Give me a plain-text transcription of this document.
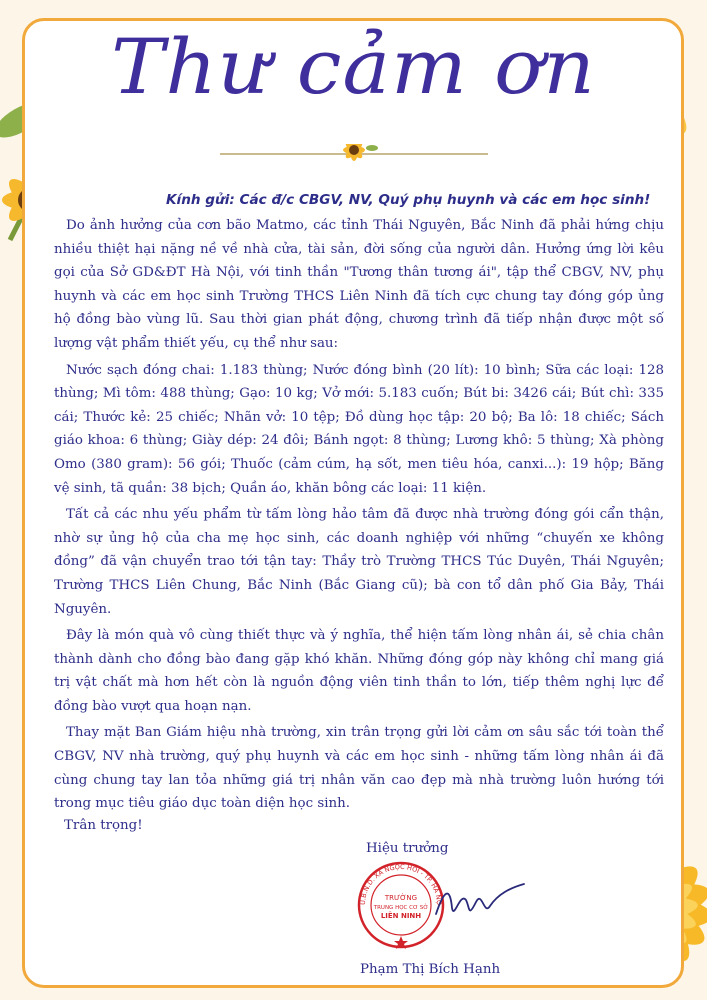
Thư cảm ơn
Kính gửi: Các đ/c CBGV, NV, Quý phụ huynh và các em học sinh!

Do ảnh hưởng của cơn bão Matmo, các tỉnh Thái Nguyên, Bắc Ninh đã phải hứng chịu nhiều thiệt hại nặng nề về nhà cửa, tài sản, đời sống của người dân. Hưởng ứng lời kêu gọi của Sở GD&ĐT Hà Nội, với tinh thần "Tương thân tương ái", tập thể CBGV, NV, phụ huynh và các em học sinh Trường THCS Liên Ninh đã tích cực chung tay đóng góp ủng hộ đồng bào vùng lũ. Sau thời gian phát động, chương trình đã tiếp nhận được một số lượng vật phẩm thiết yếu, cụ thể như sau:

Nước sạch đóng chai: 1.183 thùng; Nước đóng bình (20 lít): 10 bình; Sữa các loại: 128 thùng; Mì tôm: 488 thùng; Gạo: 10 kg; Vở mới: 5.183 cuốn; Bút bi: 3426 cái; Bút chì: 335 cái; Thước kẻ: 25 chiếc; Nhãn vở: 10 tệp; Đồ dùng học tập: 20 bộ; Ba lô: 18 chiếc; Sách giáo khoa: 6 thùng; Giày dép: 24 đôi; Bánh ngọt: 8 thùng; Lương khô: 5 thùng; Xà phòng Omo (380 gram): 56 gói; Thuốc (cảm cúm, hạ sốt, men tiêu hóa, canxi...): 19 hộp; Băng vệ sinh, tã quần: 38 bịch; Quần áo, khăn bông các loại: 11 kiện.

Tất cả các nhu yếu phẩm từ tấm lòng hảo tâm đã được nhà trường đóng gói cẩn thận, nhờ sự ủng hộ của cha mẹ học sinh, các doanh nghiệp với những “chuyến xe không đồng” đã vận chuyển trao tới tận tay: Thầy trò Trường THCS Túc Duyên, Thái Nguyên; Trường THCS Liên Chung, Bắc Ninh (Bắc Giang cũ); bà con tổ dân phố Gia Bảy, Thái Nguyên.

Đây là món quà vô cùng thiết thực và ý nghĩa, thể hiện tấm lòng nhân ái, sẻ chia chân thành dành cho đồng bào đang gặp khó khăn. Những đóng góp này không chỉ mang giá trị vật chất mà hơn hết còn là nguồn động viên tinh thần to lớn, tiếp thêm nghị lực để đồng bào vượt qua hoạn nạn.

Thay mặt Ban Giám hiệu nhà trường, xin trân trọng gửi lời cảm ơn sâu sắc tới toàn thể CBGV, NV nhà trường, quý phụ huynh và các em học sinh - những tấm lòng nhân ái đã cùng chung tay lan tỏa những giá trị nhân văn cao đẹp mà nhà trường luôn hướng tới trong mục tiêu giáo dục toàn diện học sinh.

Trân trọng!
Hiệu trưởng
U.B.N.D. XÃ NGỌC HỒI - TP. HÀ NỘ
TRƯỜNG
TRUNG HỌC CƠ SỞ
LIÊN NINH
Phạm Thị Bích Hạnh
